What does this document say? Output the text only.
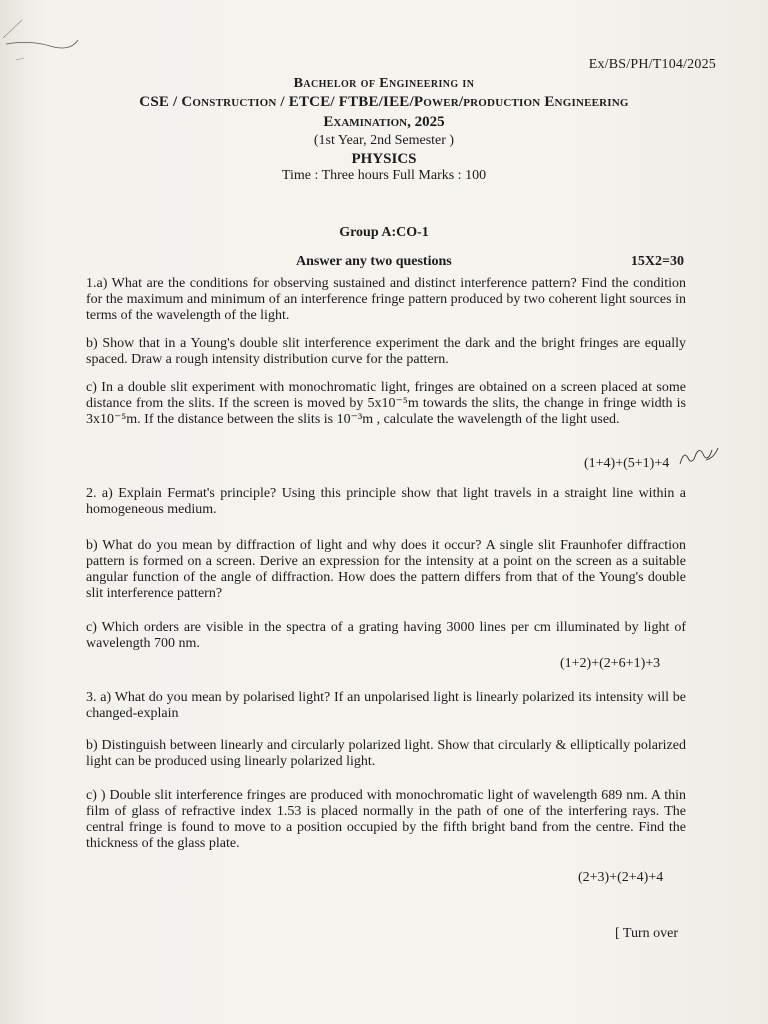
Ex/BS/PH/T104/2025
Bachelor of Engineering in
CSE / Construction / ETCE/ FTBE/IEE/Power/production Engineering
Examination, 2025
(1st Year, 2nd Semester )
PHYSICS
Time : Three hours Full Marks : 100
Group A:CO-1
Answer any two questions	15X2=30
1.a) What are the conditions for observing sustained and distinct interference pattern? Find the condition for the maximum and minimum of an interference fringe pattern produced by two coherent light sources in terms of the wavelength of the light.
b) Show that in a Young's double slit interference experiment the dark and the bright fringes are equally spaced. Draw a rough intensity distribution curve for the pattern.
c) In a double slit experiment with monochromatic light, fringes are obtained on a screen placed at some distance from the slits. If the screen is moved by 5x10⁻⁵m towards the slits, the change in fringe width is 3x10⁻⁵m. If the distance between the slits is 10⁻³m , calculate the wavelength of the light used.
(1+4)+(5+1)+4
2. a) Explain Fermat's principle? Using this principle show that light travels in a straight line within a homogeneous medium.
b) What do you mean by diffraction of light and why does it occur? A single slit Fraunhofer diffraction pattern is formed on a screen. Derive an expression for the intensity at a point on the screen as a suitable angular function of the angle of diffraction. How does the pattern differs from that of the Young's double slit interference pattern?
c) Which orders are visible in the spectra of a grating having 3000 lines per cm illuminated by light of wavelength 700 nm.
(1+2)+(2+6+1)+3
3. a) What do you mean by polarised light? If an unpolarised light is linearly polarized its intensity will be changed-explain
b) Distinguish between linearly and circularly polarized light. Show that circularly & elliptically polarized light can be produced using linearly polarized light.
c) ) Double slit interference fringes are produced with monochromatic light of wavelength 689 nm. A thin film of glass of refractive index 1.53 is placed normally in the path of one of the interfering rays. The central fringe is found to move to a position occupied by the fifth bright band from the centre. Find the thickness of the glass plate.
(2+3)+(2+4)+4
[ Turn over
